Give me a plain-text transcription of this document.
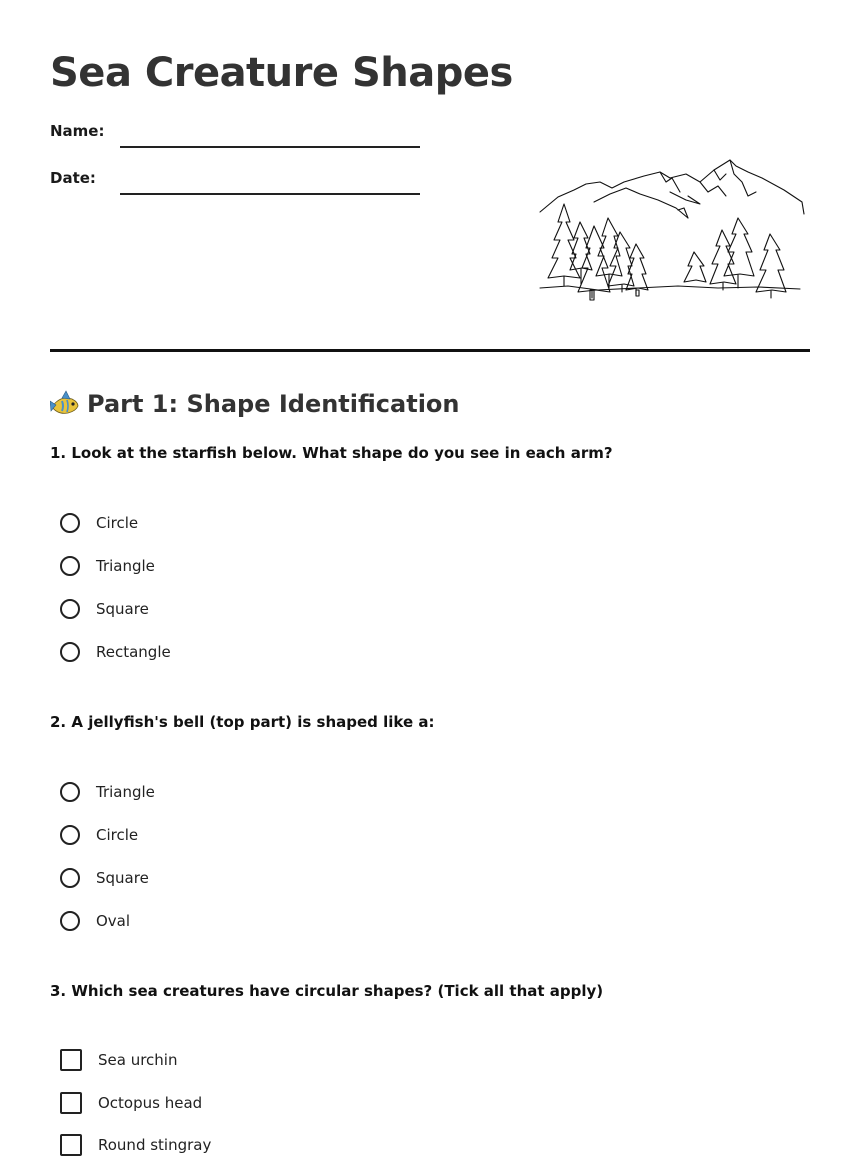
Sea Creature Shapes
Name:
Date:
Part 1: Shape Identification
1. Look at the starfish below. What shape do you see in each arm?
Circle
Triangle
Square
Rectangle
2. A jellyfish's bell (top part) is shaped like a:
Triangle
Circle
Square
Oval
3. Which sea creatures have circular shapes? (Tick all that apply)
Sea urchin
Octopus head
Round stingray
